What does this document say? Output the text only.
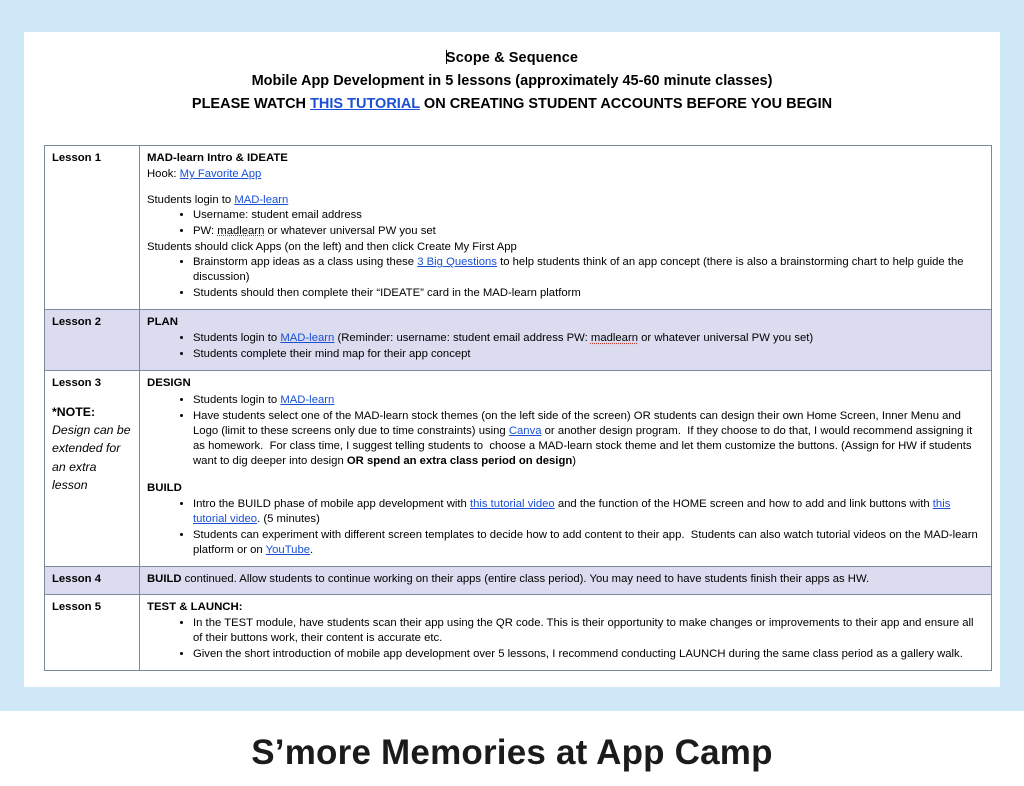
Scope & Sequence
Mobile App Development in 5 lessons (approximately 45-60 minute classes)
PLEASE WATCH THIS TUTORIAL ON CREATING STUDENT ACCOUNTS BEFORE YOU BEGIN
Lesson 1	MAD-learn Intro & IDEATE
Hook: My Favorite App
Students login to MAD-learn
• Username: student email address
• PW: madlearn or whatever universal PW you set
Students should click Apps (on the left) and then click Create My First App
• Brainstorm app ideas as a class using these 3 Big Questions to help students think of an app concept (there is also a brainstorming chart to help guide the discussion)
• Students should then complete their “IDEATE” card in the MAD-learn platform

Lesson 2	PLAN
• Students login to MAD-learn (Reminder: username: student email address PW: madlearn or whatever universal PW you set)
• Students complete their mind map for their app concept

Lesson 3
*NOTE:
Design can be extended for an extra lesson

DESIGN
• Students login to MAD-learn
• Have students select one of the MAD-learn stock themes (on the left side of the screen) OR students can design their own Home Screen, Inner Menu and Logo (limit to these screens only due to time constraints) using Canva or another design program.  If they choose to do that, I would recommend assigning it as homework.  For class time, I suggest telling students to  choose a MAD-learn stock theme and let them customize the buttons. (Assign for HW if students want to dig deeper into design OR spend an extra class period on design)
BUILD
• Intro the BUILD phase of mobile app development with this tutorial video and the function of the HOME screen and how to add and link buttons with this tutorial video. (5 minutes)
• Students can experiment with different screen templates to decide how to add content to their app.  Students can also watch tutorial videos on the MAD-learn platform or on YouTube.

Lesson 4	BUILD continued. Allow students to continue working on their apps (entire class period). You may need to have students finish their apps as HW.

Lesson 5	TEST & LAUNCH:
• In the TEST module, have students scan their app using the QR code. This is their opportunity to make changes or improvements to their app and ensure all of their buttons work, their content is accurate etc.
• Given the short introduction of mobile app development over 5 lessons, I recommend conducting LAUNCH during the same class period as a gallery walk.
S’more Memories at App Camp
